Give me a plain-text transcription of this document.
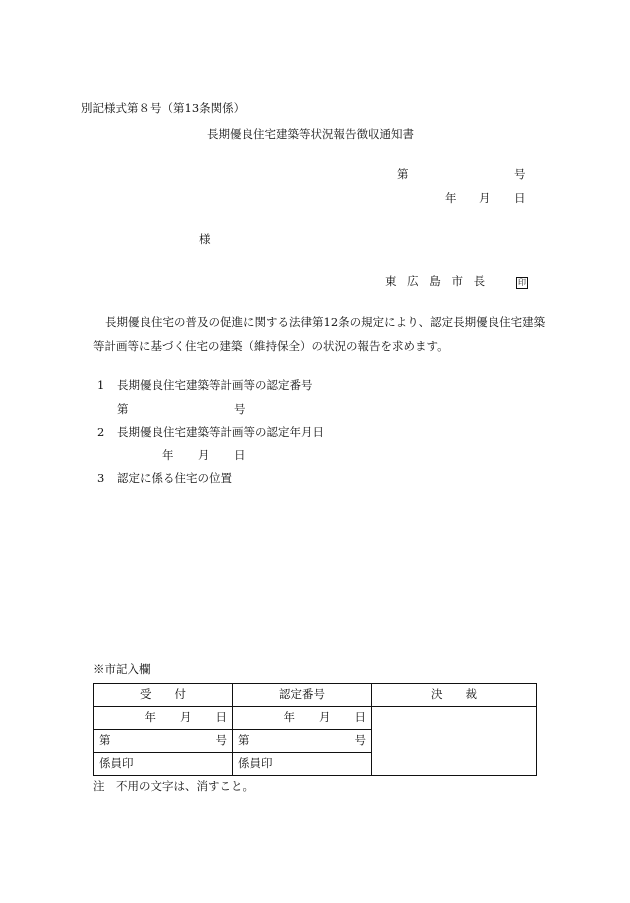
別記様式第８号（第13条関係）
長期優良住宅建築等状況報告徴収通知書
第	号
年 月 日
様
東 広 島 市 長	印
長期優良住宅の普及の促進に関する法律第12条の規定により、認定長期優良住宅建築
等計画等に基づく住宅の建築（維持保全）の状況の報告を求めます。
1 長期優良住宅建築等計画等の認定番号
第	号
2 長期優良住宅建築等計画等の認定年月日
年 月 日
3 認定に係る住宅の位置
※市記入欄
受　　付	認定番号	決　　裁
年 月 日	年 月 日	

第 号	第 号	

係員印	係員印	
注　不用の文字は、消すこと。
